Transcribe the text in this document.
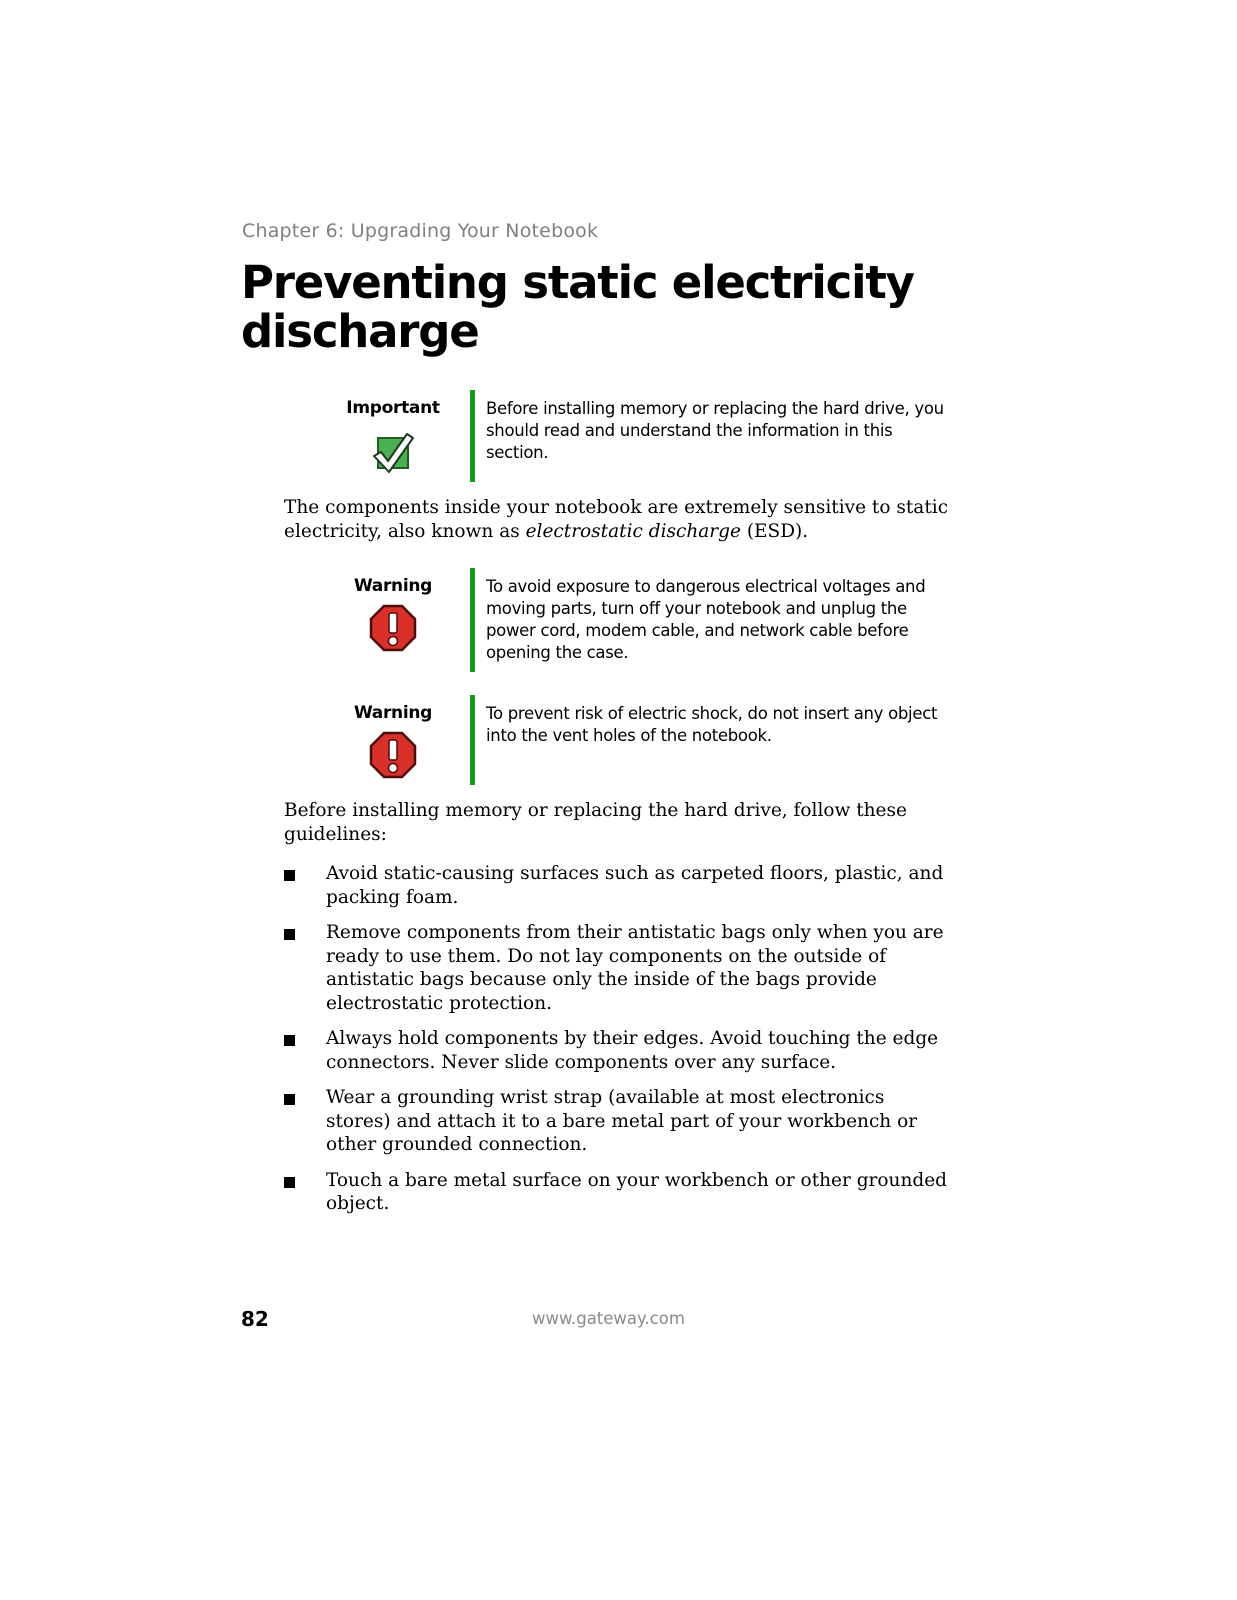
Chapter 6: Upgrading Your Notebook
Preventing static electricity discharge
Important	Before installing memory or replacing the hard drive, you should read and understand the information in this section.

The components inside your notebook are extremely sensitive to static electricity, also known as electrostatic discharge (ESD).

Warning	To avoid exposure to dangerous electrical voltages and moving parts, turn off your notebook and unplug the power cord, modem cable, and network cable before opening the case.
Warning	To prevent risk of electric shock, do not insert any object into the vent holes of the notebook.

Before installing memory or replacing the hard drive, follow these guidelines:

Avoid static-causing surfaces such as carpeted floors, plastic, and packing foam.
Remove components from their antistatic bags only when you are ready to use them. Do not lay components on the outside of antistatic bags because only the inside of the bags provide electrostatic protection.
Always hold components by their edges. Avoid touching the edge connectors. Never slide components over any surface.
Wear a grounding wrist strap (available at most electronics stores) and attach it to a bare metal part of your workbench or other grounded connection.
Touch a bare metal surface on your workbench or other grounded object.
82	www.gateway.com
